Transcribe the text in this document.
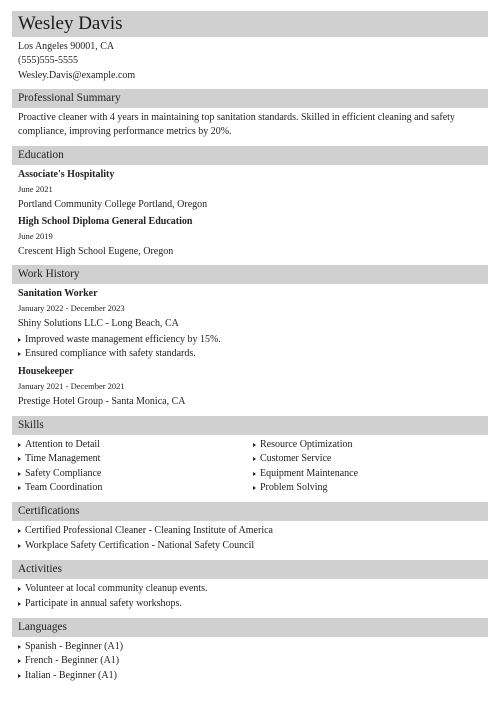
Wesley Davis
Los Angeles 90001, CA
(555)555-5555
Wesley.Davis@example.com
Professional Summary
Proactive cleaner with 4 years in maintaining top sanitation standards. Skilled in efficient cleaning and safety compliance, improving performance metrics by 20%.
Education
Associate's Hospitality
June 2021
Portland Community College Portland, Oregon
High School Diploma General Education
June 2019
Crescent High School Eugene, Oregon
Work History
Sanitation Worker
January 2022 - December 2023
Shiny Solutions LLC - Long Beach, CA
Improved waste management efficiency by 15%.
Ensured compliance with safety standards.
Housekeeper
January 2021 - December 2021
Prestige Hotel Group - Santa Monica, CA
Skills
Attention to Detail
Time Management
Safety Compliance
Team Coordination
Resource Optimization
Customer Service
Equipment Maintenance
Problem Solving
Certifications
Certified Professional Cleaner - Cleaning Institute of America
Workplace Safety Certification - National Safety Council
Activities
Volunteer at local community cleanup events.
Participate in annual safety workshops.
Languages
Spanish - Beginner (A1)
French - Beginner (A1)
Italian - Beginner (A1)
